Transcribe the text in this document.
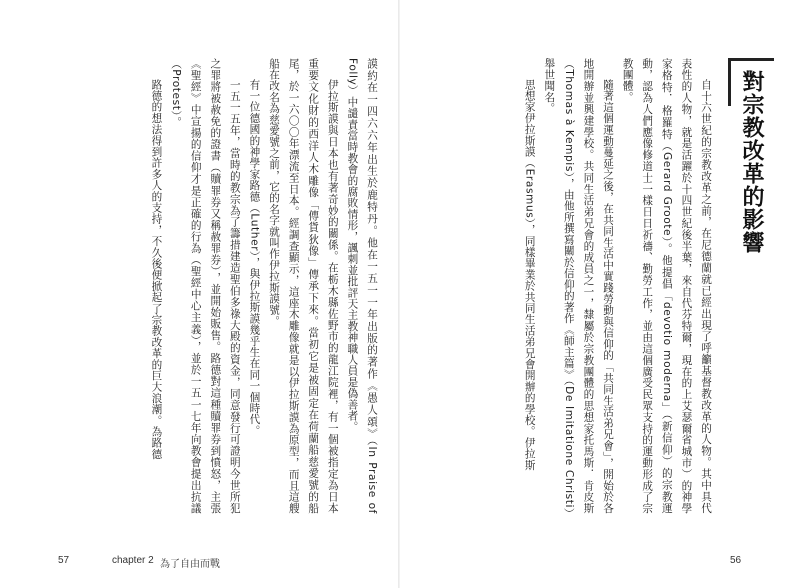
對宗教改革的影響

自十六世紀的宗教改革之前，在尼德蘭就已經出現了呼籲基督教改革的人物。其中具代表性的人物，就是活躍於十四世紀後半葉，來自代芬特爾，現在的上艾瑟爾省城市）的神學家格特．格羅特（Gerard Groote）。他提倡「devotio moderna」（新信仰）的宗教運動，認為人們應像修道士一樣日日祈禱、勤勞工作，並由這個廣受民眾支持的運動形成了宗教團體。

隨著這個運動蔓延之後，在共同生活中實踐勞動與信仰的「共同生活弟兄會」，開始於各地開辦並興建學校。共同生活弟兄會的成員之一，隸屬於宗教團體的思想家托馬斯．肯皮斯（Thomas à Kempis），由他所撰寫關於信仰的著作《師主篇》（De Imitatione Christi）舉世聞名。

思想家伊拉斯謨（Erasmus），同樣畢業於共同生活弟兄會開辦的學校。伊拉斯

56

謨約在一四六六年出生於鹿特丹。他在一五一一年出版的著作《愚人頌》（In Praise of Folly）中譴責當時教會的腐敗情形，諷刺並批評天主教神職人員是偽善者。

伊拉斯謨與日本也有著奇妙的關係。在栃木縣佐野市的龍江院裡，有一個被指定為日本重要文化財的西洋人木雕像「傳貨狄像」傳承下來。當初它是被固定在荷蘭船慈愛號的船尾，於一六〇〇年漂流至日本。經調查顯示，這座木雕像就是以伊拉斯謨為原型，而且這艘船在改名為慈愛號之前，它的名字就叫作伊拉斯謨號。

有一位德國的神學家路德（Luther），與伊拉斯謨幾乎生在同一個時代。

一五一五年，當時的教宗為了籌措建造聖伯多祿大殿的資金，同意發行可證明今世所犯之罪將被赦免的證書（贖罪券又稱赦罪券），並開始販售。路德對這種贖罪券到憤怒，主張《聖經》中宣揚的信仰才是正確的行為（聖經中心主義），並於一五一七年向教會提出抗議（Protest）。

路德的想法得到許多人的支持，不久後便掀起了宗教改革的巨大浪潮。為路德

57	chapter 2 為了自由而戰
